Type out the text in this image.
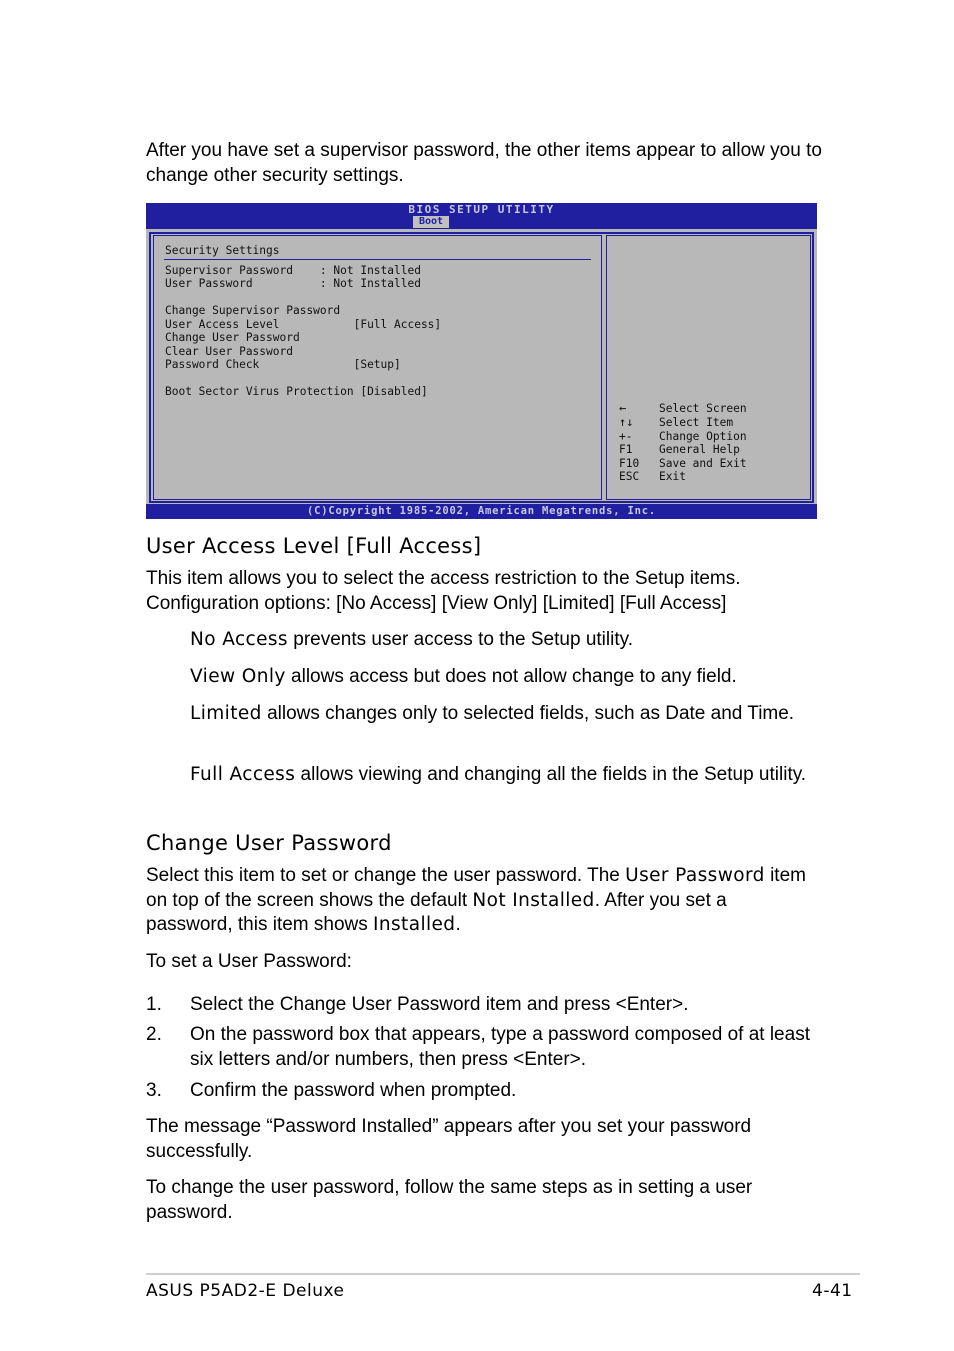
After you have set a supervisor password, the other items appear to allow you to change other security settings.
BIOS SETUP UTILITY
Boot
Security Settings
Supervisor Password    : Not Installed
User Password          : Not Installed
Change Supervisor Password
User Access Level           [Full Access]
Change User Password
Clear User Password
Password Check              [Setup]
Boot Sector Virus Protection [Disabled]
←	Select Screen
↑↓ Select Item
+- Change Option
F1 General Help
F10 Save and Exit
ESC Exit
(C)Copyright 1985-2002, American Megatrends, Inc.
User Access Level [Full Access]
This item allows you to select the access restriction to the Setup items. Configuration options: [No Access] [View Only] [Limited] [Full Access]
No Access prevents user access to the Setup utility.
View Only allows access but does not allow change to any field.
Limited allows changes only to selected fields, such as Date and Time.
Full Access allows viewing and changing all the fields in the Setup utility.
Change User Password
Select this item to set or change the user password. The User Password item on top of the screen shows the default Not Installed. After you set a password, this item shows Installed.
To set a User Password:
1. Select the Change User Password item and press <Enter>.
2. On the password box that appears, type a password composed of at least six letters and/or numbers, then press <Enter>.
3. Confirm the password when prompted.
The message “Password Installed” appears after you set your password successfully.
To change the user password, follow the same steps as in setting a user password.
ASUS P5AD2-E Deluxe	4-41
